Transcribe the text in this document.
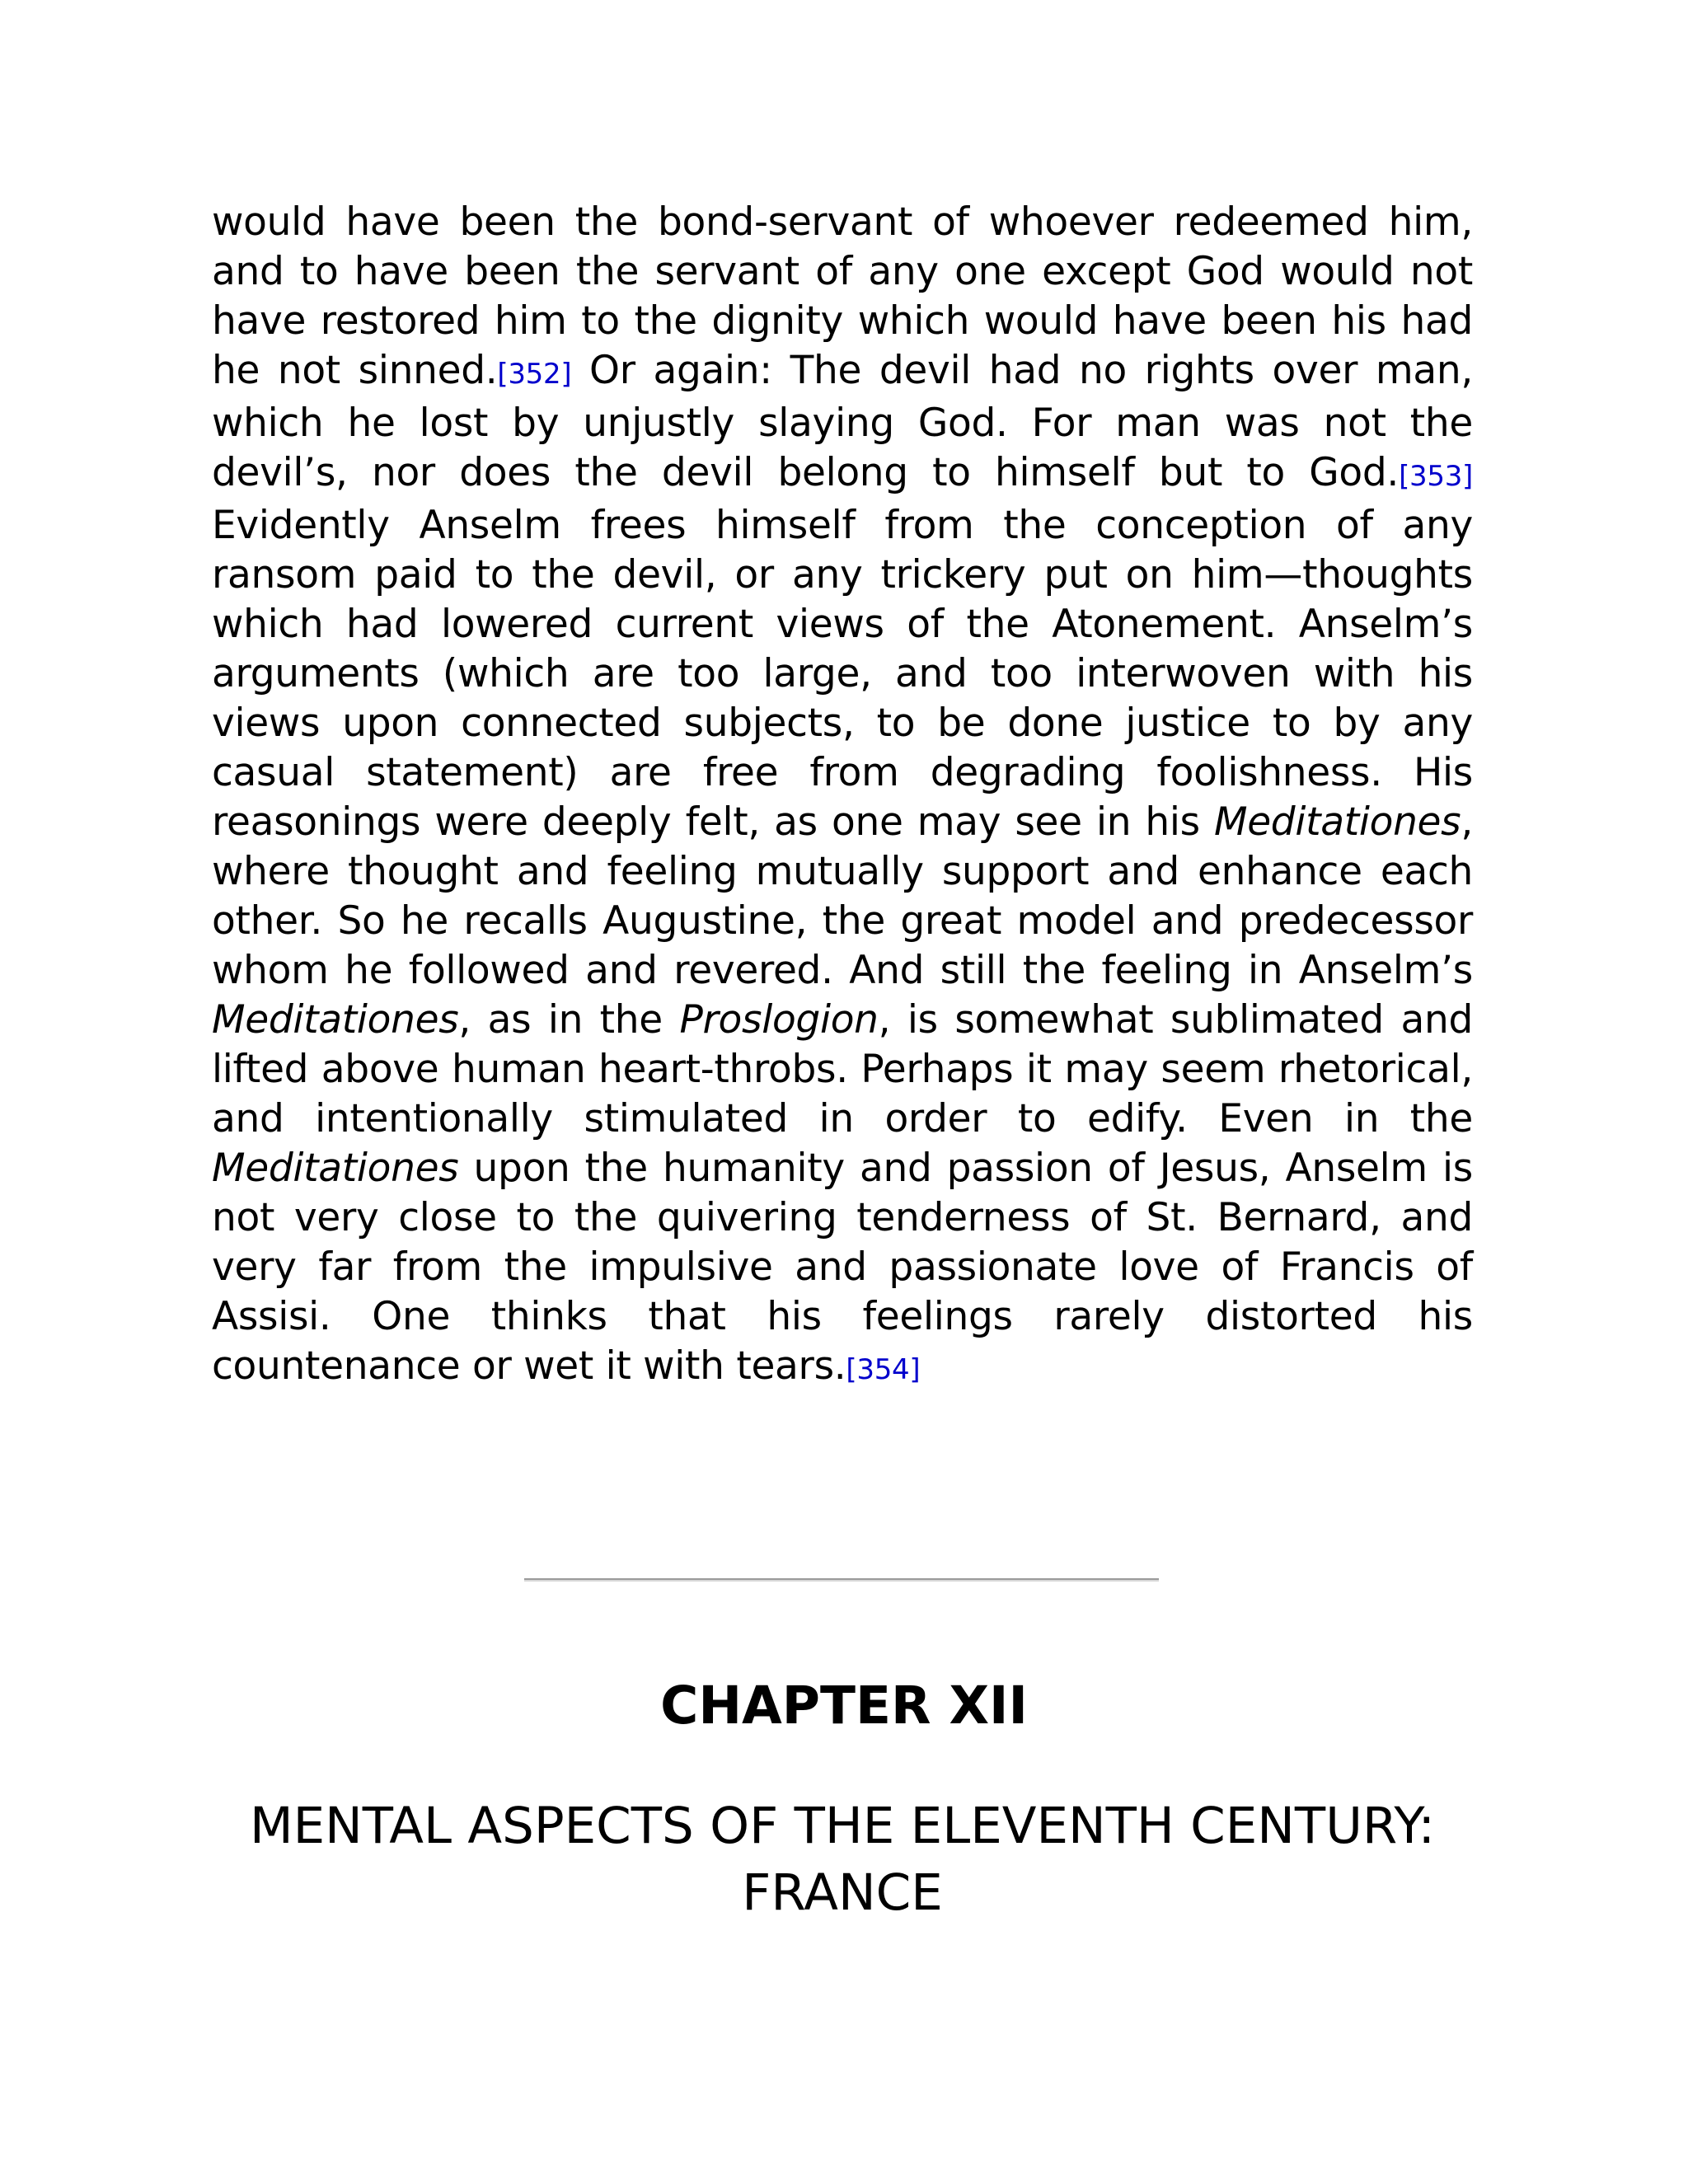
would have been the bond-servant of whoever redeemed him, and to have been the servant of any one except God would not have restored him to the dignity which would have been his had he not sinned.[352] Or again: The devil had no rights over man, which he lost by unjustly slaying God. For man was not the devil’s, nor does the devil belong to himself but to God.[353] Evidently Anselm frees himself from the conception of any ransom paid to the devil, or any trickery put on him—thoughts which had lowered current views of the Atonement. Anselm’s arguments (which are too large, and too interwoven with his views upon connected subjects, to be done justice to by any casual statement) are free from degrading foolishness. His reasonings were deeply felt, as one may see in his Meditationes, where thought and feeling mutually support and enhance each other. So he recalls Augustine, the great model and predecessor whom he followed and revered. And still the feeling in Anselm’s Meditationes, as in the Proslogion, is somewhat sublimated and lifted above human heart-throbs. Perhaps it may seem rhetorical, and intentionally stimulated in order to edify. Even in the Meditationes upon the humanity and passion of Jesus, Anselm is not very close to the quivering tenderness of St. Bernard, and very far from the impulsive and passionate love of Francis of Assisi. One thinks that his feelings rarely distorted his countenance or wet it with tears.[354]

CHAPTER XII
MENTAL ASPECTS OF THE ELEVENTH CENTURY: FRANCE
